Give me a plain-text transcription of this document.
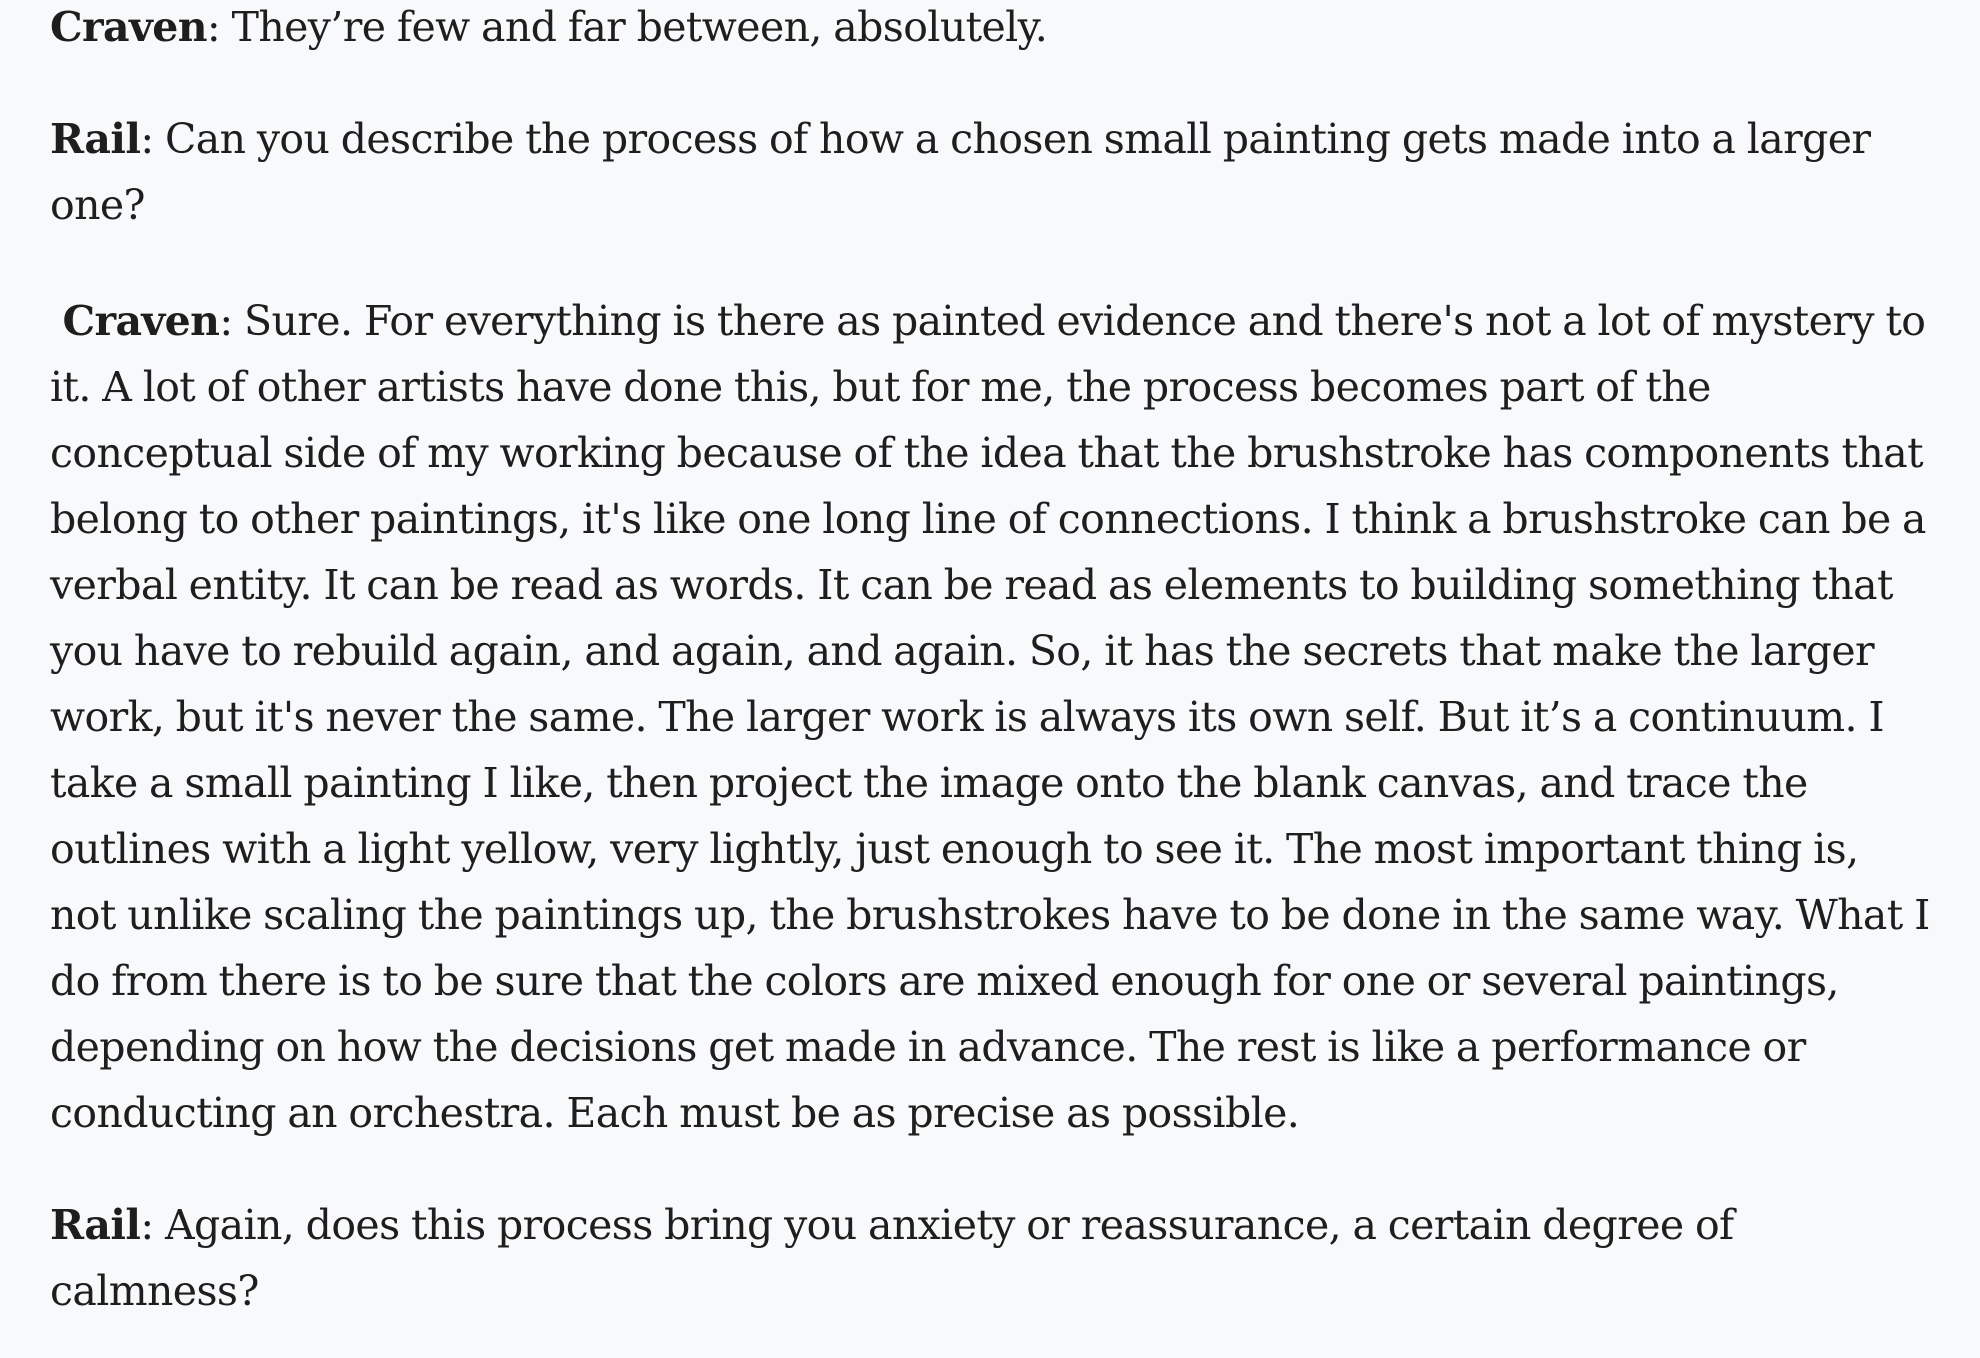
Craven: They’re few and far between, absolutely.

Rail: Can you describe the process of how a chosen small painting gets made into a larger one?

Craven: Sure. For everything is there as painted evidence and there's not a lot of mystery to it. A lot of other artists have done this, but for me, the process becomes part of the conceptual side of my working because of the idea that the brushstroke has components that belong to other paintings, it's like one long line of connections. I think a brushstroke can be a verbal entity. It can be read as words. It can be read as elements to building something that you have to rebuild again, and again, and again. So, it has the secrets that make the larger work, but it's never the same. The larger work is always its own self. But it’s a continuum. I take a small painting I like, then project the image onto the blank canvas, and trace the outlines with a light yellow, very lightly, just enough to see it. The most important thing is, not unlike scaling the paintings up, the brushstrokes have to be done in the same way. What I do from there is to be sure that the colors are mixed enough for one or several paintings, depending on how the decisions get made in advance. The rest is like a performance or conducting an orchestra. Each must be as precise as possible.

Rail: Again, does this process bring you anxiety or reassurance, a certain degree of calmness?
